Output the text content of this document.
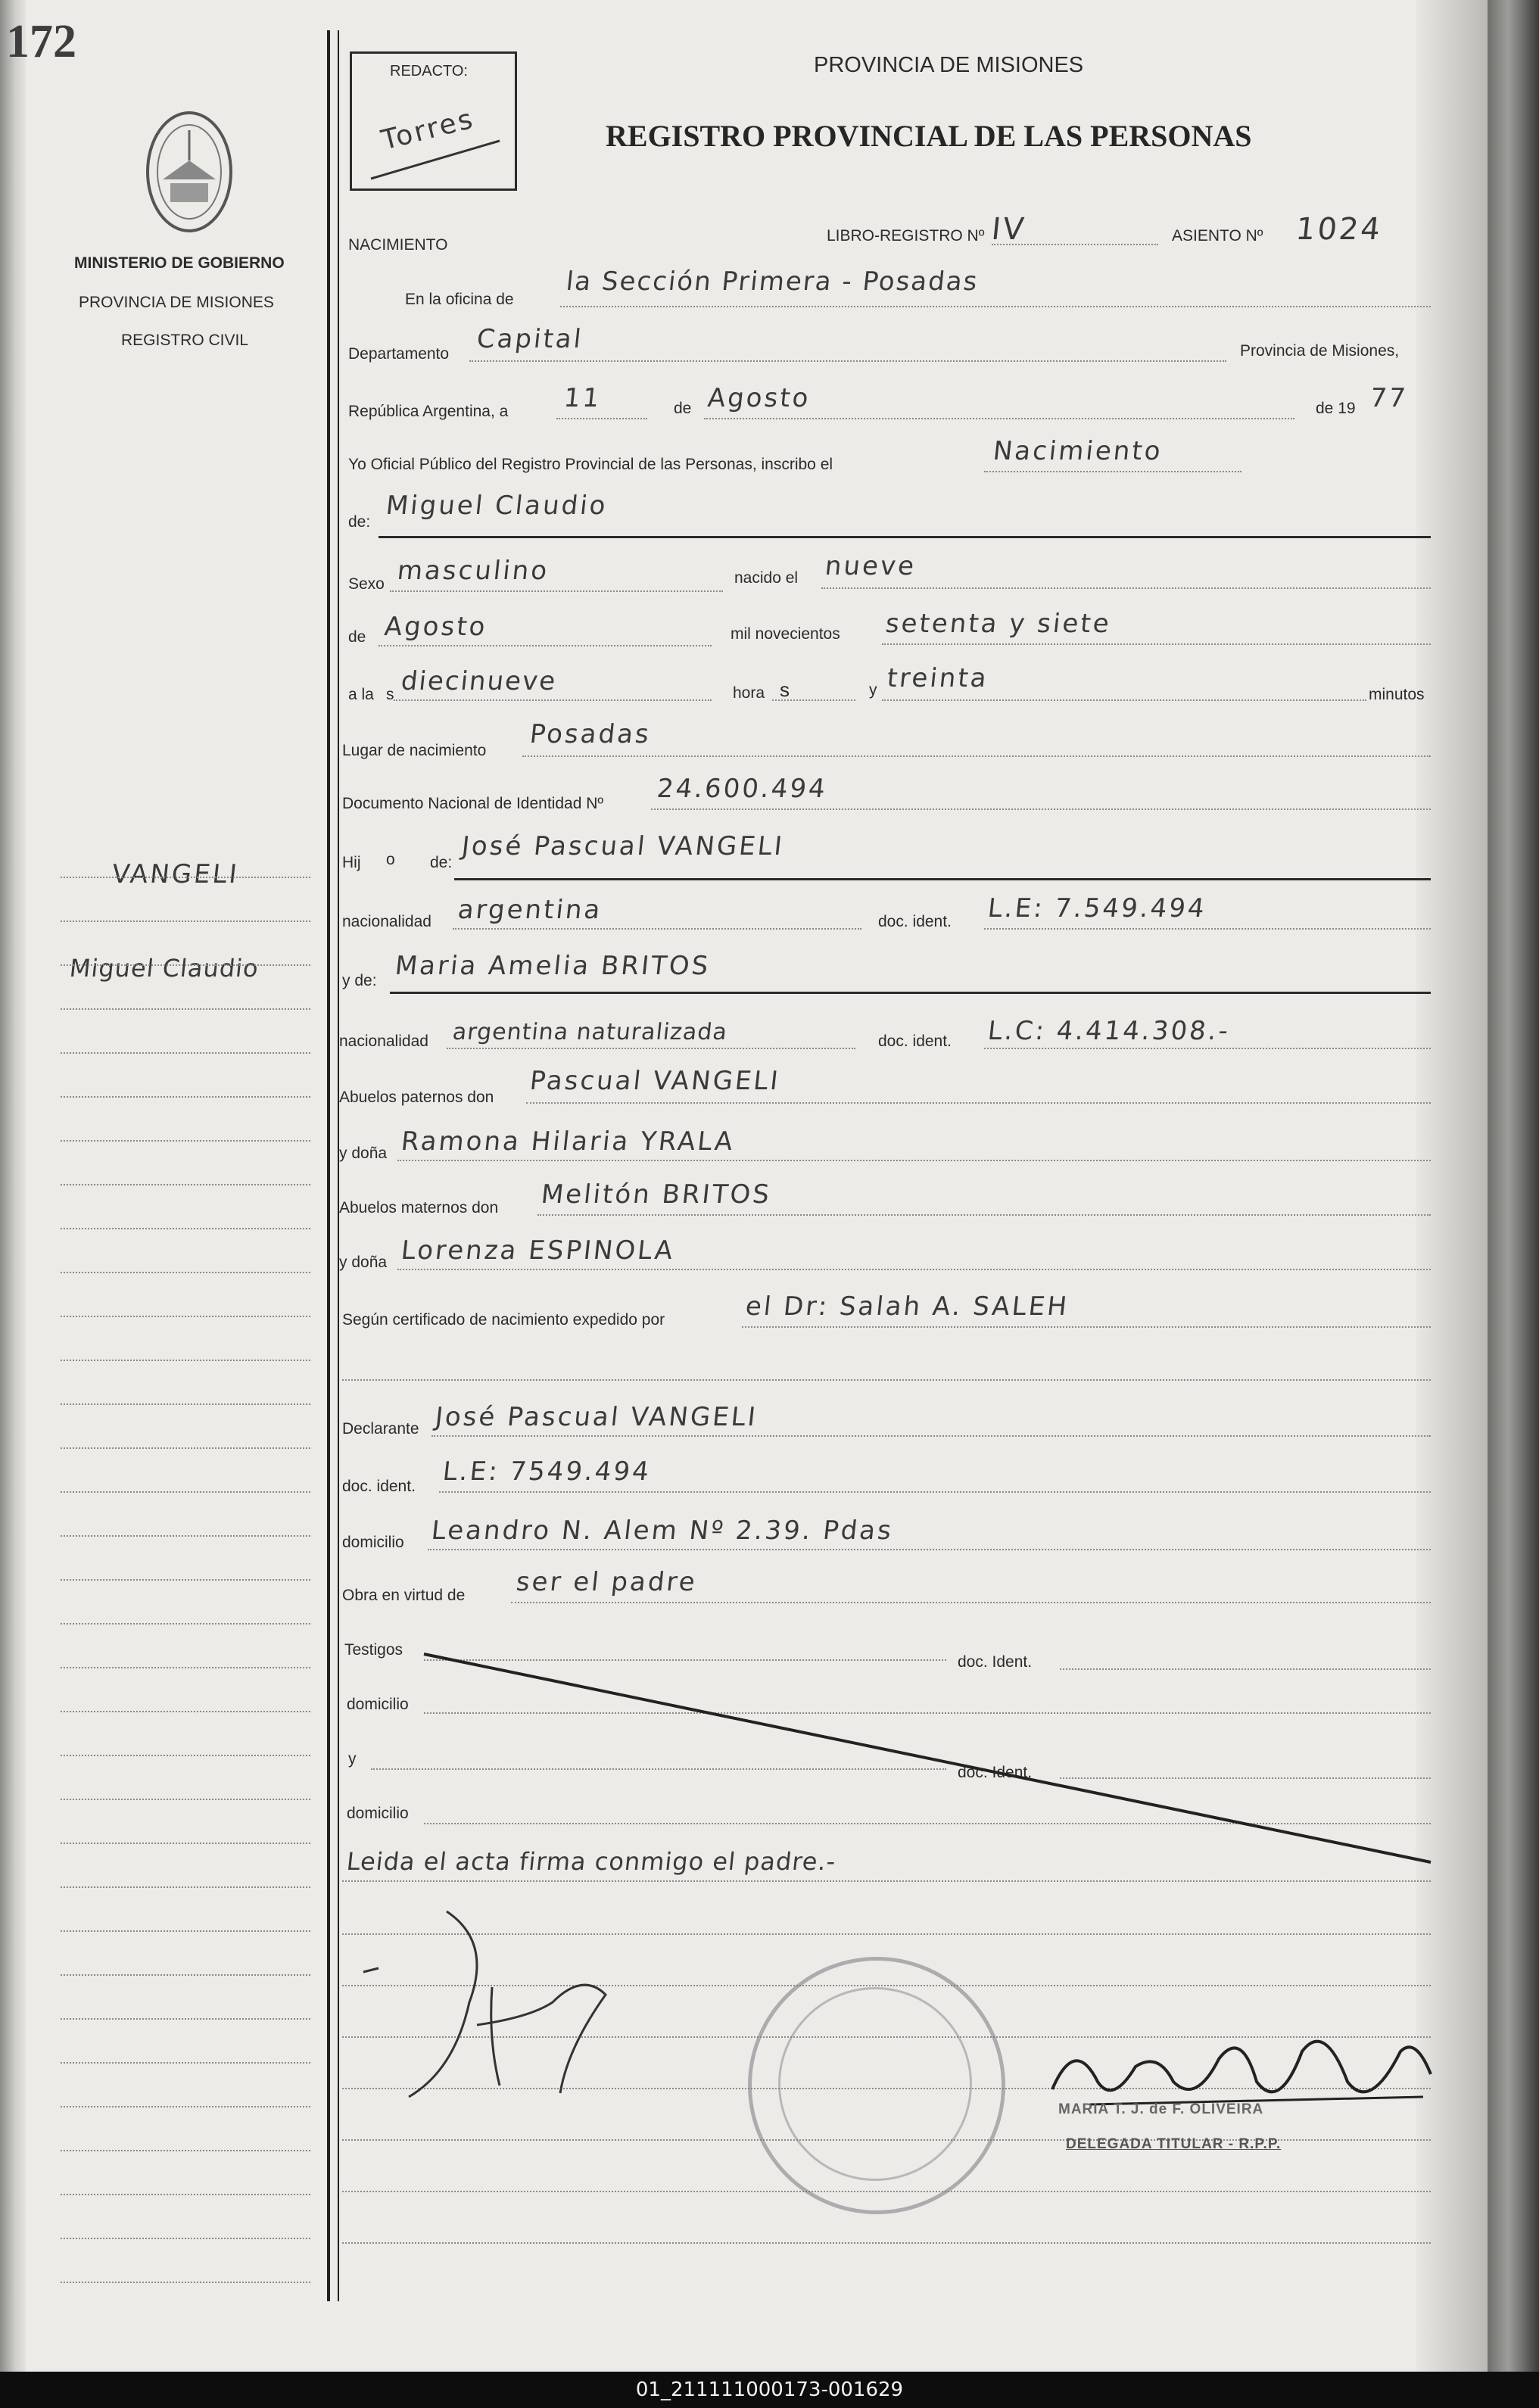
172
MINISTERIO DE GOBIERNO
PROVINCIA DE MISIONES
REGISTRO CIVIL
VANGELI
Miguel Claudio
REDACTO:
Torres
PROVINCIA DE MISIONES
REGISTRO PROVINCIAL DE LAS PERSONAS
NACIMIENTO
LIBRO-REGISTRO Nº IV	ASIENTO Nº 1024
En la oficina de
la Sección Primera - Posadas
Departamento Capital	Provincia de Misiones,
República Argentina, a 11	de Agosto	de 19 77
Yo Oficial Público del Registro Provincial de las Personas, inscribo el	Nacimiento
de:
Miguel Claudio
Sexo masculino	nacido el nueve
de Agosto	mil novecientos setenta y siete
a la s diecinueve	hora s	y treinta
minutos
Lugar de nacimiento
Posadas
Documento Nacional de Identidad Nº 24.600.494
Hij o de:
José Pascual VANGELI
nacionalidad argentina	doc. ident. L.E: 7.549.494
y de: Maria Amelia BRITOS
nacionalidad argentina naturalizada	doc. ident. L.C: 4.414.308.-
Abuelos paternos don
Pascual VANGELI
y doña Ramona Hilaria YRALA
Abuelos maternos don Melitón BRITOS
y doña Lorenza ESPINOLA
Según certificado de nacimiento expedido por	el Dr: Salah A. SALEH
Declarante José Pascual VANGELI
doc. ident. L.E: 7549.494
domicilio Leandro N. Alem Nº 2.39. Pdas
Obra en virtud de ser el padre
Testigos
doc. Ident.
domicilio
y
doc. Ident.
domicilio
Leida el acta firma conmigo el padre.-
MARIA T. J. de F. OLIVEIRA
DELEGADA TITULAR - R.P.P.
01_211111000173-001629
